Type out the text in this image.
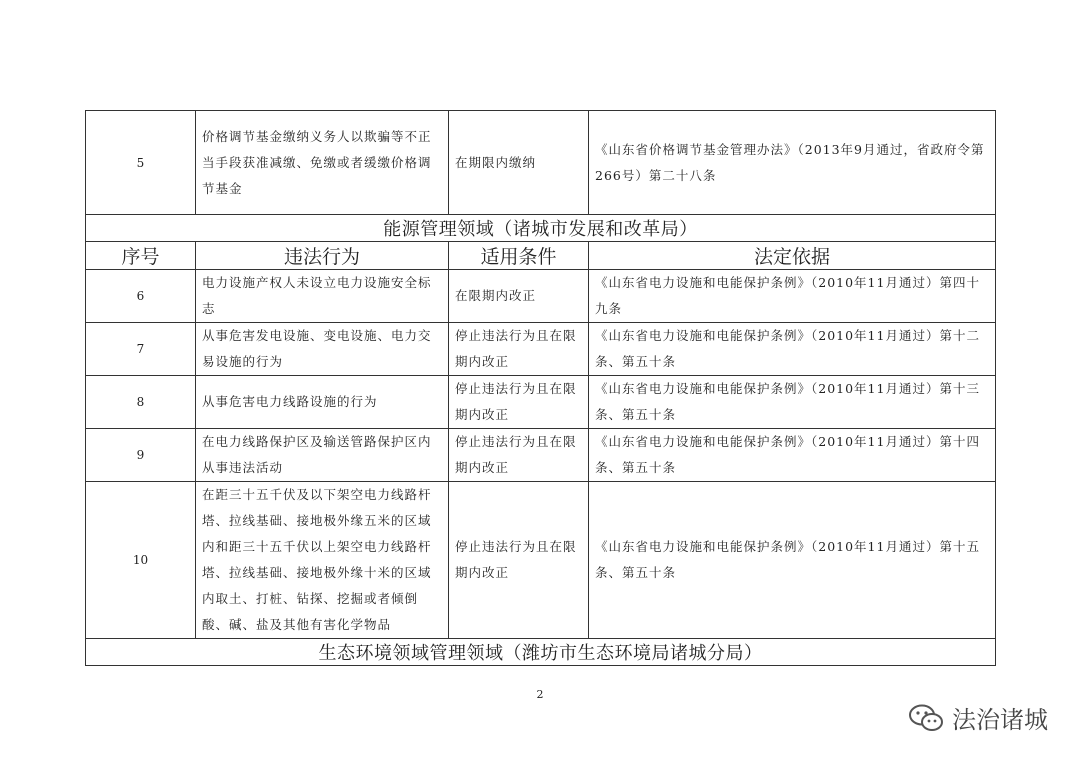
5	价格调节基金缴纳义务人以欺骗等不正当手段获准减缴、免缴或者缓缴价格调节基金	在期限内缴纳	《山东省价格调节基金管理办法》（2013年9月通过，省政府令第266号）第二十八条
能源管理领域（诸城市发展和改革局）			
序号	违法行为	适用条件	法定依据
6	电力设施产权人未设立电力设施安全标志	在限期内改正	《山东省电力设施和电能保护条例》（2010年11月通过）第四十九条
7	从事危害发电设施、变电设施、电力交易设施的行为	停止违法行为且在限期内改正	《山东省电力设施和电能保护条例》（2010年11月通过）第十二条、第五十条
8	从事危害电力线路设施的行为	停止违法行为且在限期内改正	《山东省电力设施和电能保护条例》（2010年11月通过）第十三条、第五十条
9	在电力线路保护区及输送管路保护区内从事违法活动	停止违法行为且在限期内改正	《山东省电力设施和电能保护条例》（2010年11月通过）第十四条、第五十条
10	在距三十五千伏及以下架空电力线路杆塔、拉线基础、接地极外缘五米的区域内和距三十五千伏以上架空电力线路杆塔、拉线基础、接地极外缘十米的区域内取土、打桩、钻探、挖掘或者倾倒酸、碱、盐及其他有害化学物品	停止违法行为且在限期内改正	《山东省电力设施和电能保护条例》（2010年11月通过）第十五条、第五十条
生态环境领域管理领域（潍坊市生态环境局诸城分局）			
2
法治诸城
